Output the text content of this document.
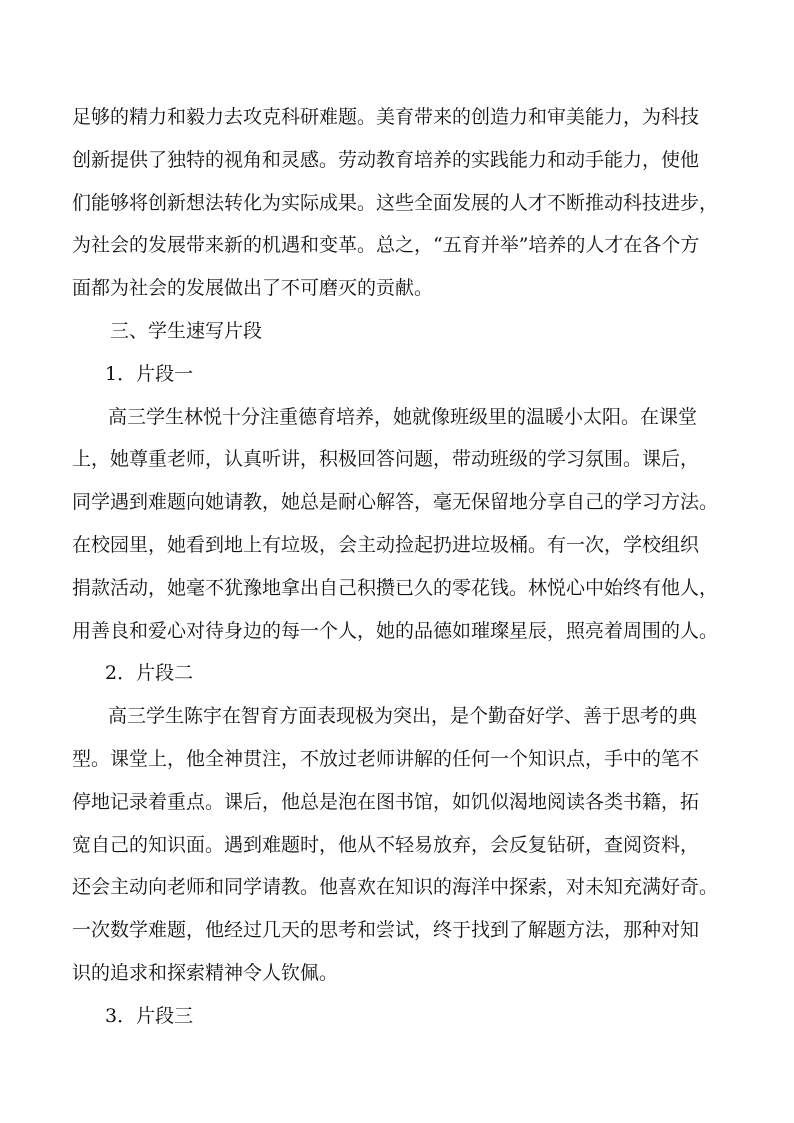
足够的精力和毅力去攻克科研难题。美育带来的创造力和审美能力，为科技
创新提供了独特的视角和灵感。劳动教育培养的实践能力和动手能力，使他
们能够将创新想法转化为实际成果。这些全面发展的人才不断推动科技进步，
为社会的发展带来新的机遇和变革。总之，“五育并举”培养的人才在各个方
面都为社会的发展做出了不可磨灭的贡献。
三、学生速写片段
1．片段一
高三学生林悦十分注重德育培养，她就像班级里的温暖小太阳。在课堂
上，她尊重老师，认真听讲，积极回答问题，带动班级的学习氛围。课后，
同学遇到难题向她请教，她总是耐心解答，毫无保留地分享自己的学习方法。
在校园里，她看到地上有垃圾，会主动捡起扔进垃圾桶。有一次，学校组织
捐款活动，她毫不犹豫地拿出自己积攒已久的零花钱。林悦心中始终有他人，
用善良和爱心对待身边的每一个人，她的品德如璀璨星辰，照亮着周围的人。
2．片段二
高三学生陈宇在智育方面表现极为突出，是个勤奋好学、善于思考的典
型。课堂上，他全神贯注，不放过老师讲解的任何一个知识点，手中的笔不
停地记录着重点。课后，他总是泡在图书馆，如饥似渴地阅读各类书籍，拓
宽自己的知识面。遇到难题时，他从不轻易放弃，会反复钻研，查阅资料，
还会主动向老师和同学请教。他喜欢在知识的海洋中探索，对未知充满好奇。
一次数学难题，他经过几天的思考和尝试，终于找到了解题方法，那种对知
识的追求和探索精神令人钦佩。
3．片段三
